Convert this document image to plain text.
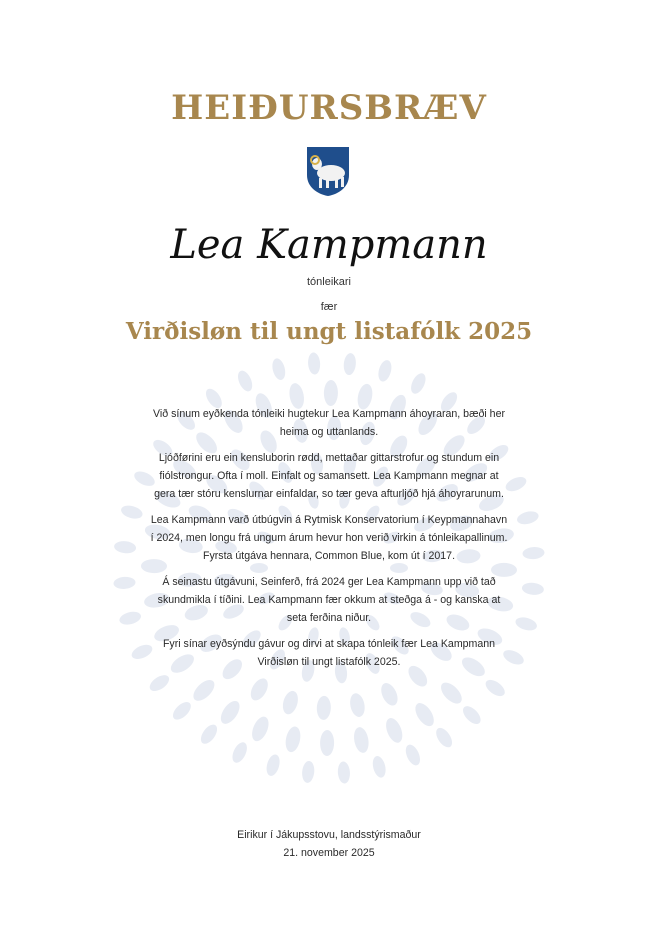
HEIÐURSBRÆV
Lea Kampmann
tónleikari
fær
Virðisløn til ungt listafólk 2025

Við sínum eyðkenda tónleiki hugtekur Lea Kampmann áhoyraran, bæði her heima og uttanlands.

Ljóðførini eru ein kensluborin rødd, mettaðar gittarstrofur og stundum ein fiólstrongur. Ofta í moll. Einfalt og samansett. Lea Kampmann megnar at gera tær stóru kenslurnar einfaldar, so tær geva afturljóð hjá áhoyrarunum.

Lea Kampmann varð útbúgvin á Rytmisk Konservatorium í Keypmannahavn í 2024, men longu frá ungum árum hevur hon verið virkin á tónleikapallinum. Fyrsta útgáva hennara, Common Blue, kom út í 2017.

Á seinastu útgávuni, Seinferð, frá 2024 ger Lea Kampmann upp við tað skundmikla í tíðini. Lea Kampmann fær okkum at steðga á - og kanska at seta ferðina niður.

Fyri sínar eyðsýndu gávur og dirvi at skapa tónleik fær Lea Kampmann Virðisløn til ungt listafólk 2025.

Eirikur í Jákupsstovu, landsstýrismaður
21. november 2025
